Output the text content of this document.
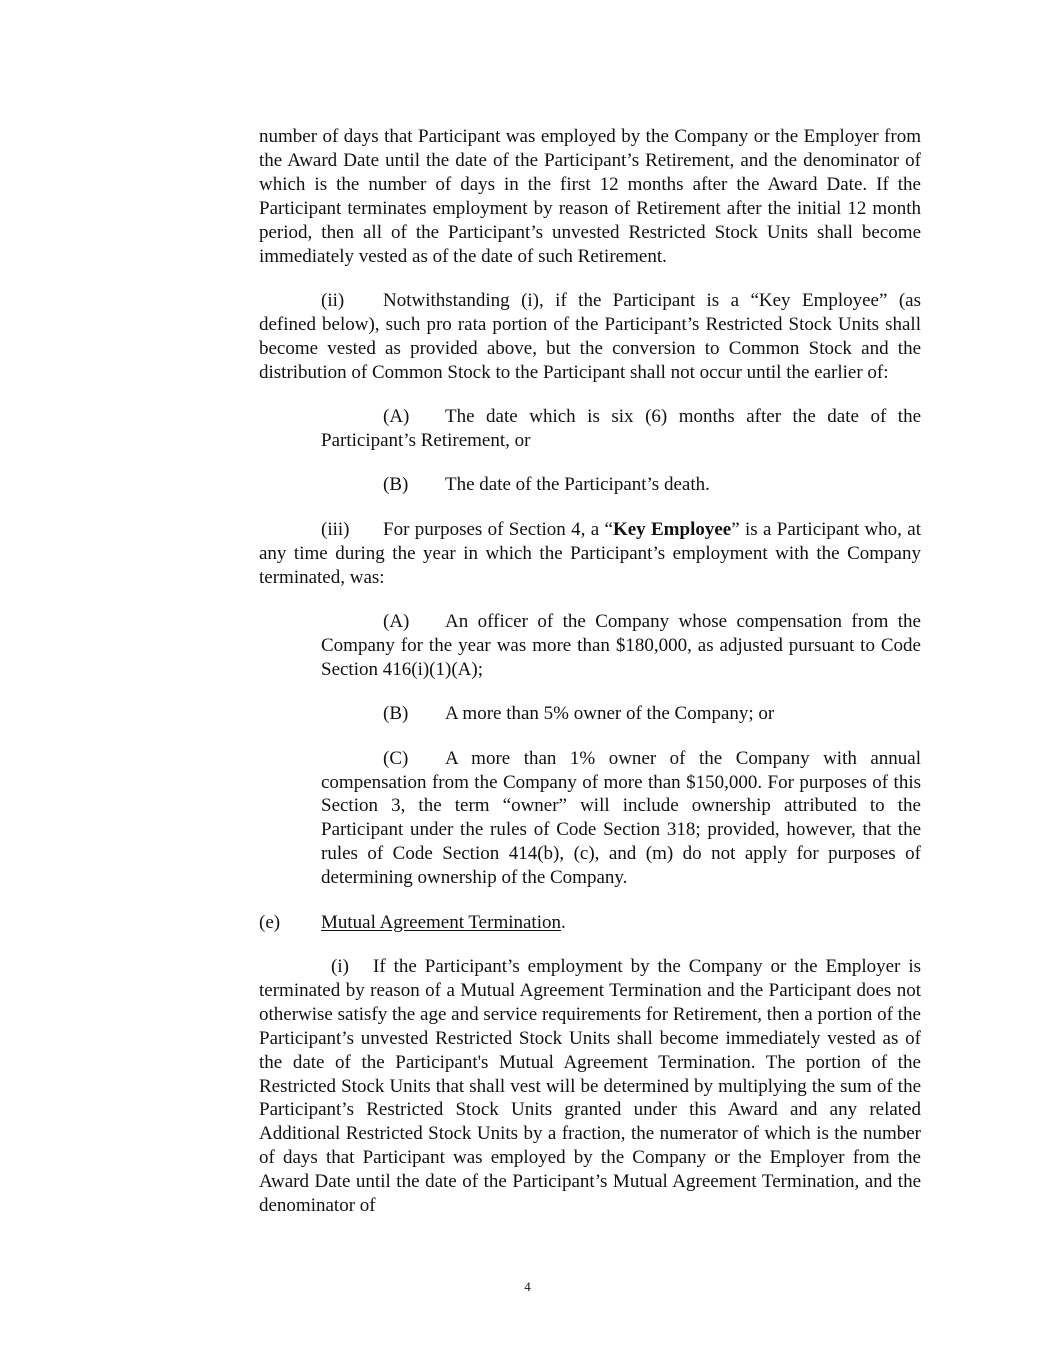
number of days that Participant was employed by the Company or the Employer from the Award Date until the date of the Participant’s Retirement, and the denominator of which is the number of days in the first 12 months after the Award Date. If the Participant terminates employment by reason of Retirement after the initial 12 month period, then all of the Participant’s unvested Restricted Stock Units shall become immediately vested as of the date of such Retirement.

(ii) Notwithstanding (i), if the Participant is a “Key Employee” (as defined below), such pro rata portion of the Participant’s Restricted Stock Units shall become vested as provided above, but the conversion to Common Stock and the distribution of Common Stock to the Participant shall not occur until the earlier of:

(A) The date which is six (6) months after the date of the Participant’s Retirement, or

(B) The date of the Participant’s death.

(iii) For purposes of Section 4, a “Key Employee” is a Participant who, at any time during the year in which the Participant’s employment with the Company terminated, was:

(A) An officer of the Company whose compensation from the Company for the year was more than $180,000, as adjusted pursuant to Code Section 416(i)(1)(A);

(B) A more than 5% owner of the Company; or

(C) A more than 1% owner of the Company with annual compensation from the Company of more than $150,000. For purposes of this Section 3, the term “owner” will include ownership attributed to the Participant under the rules of Code Section 318; provided, however, that the rules of Code Section 414(b), (c), and (m) do not apply for purposes of determining ownership of the Company.

(e) Mutual Agreement Termination.

(i) If the Participant’s employment by the Company or the Employer is terminated by reason of a Mutual Agreement Termination and the Participant does not otherwise satisfy the age and service requirements for Retirement, then a portion of the Participant’s unvested Restricted Stock Units shall become immediately vested as of the date of the Participant's Mutual Agreement Termination. The portion of the Restricted Stock Units that shall vest will be determined by multiplying the sum of the Participant’s Restricted Stock Units granted under this Award and any related Additional Restricted Stock Units by a fraction, the numerator of which is the number of days that Participant was employed by the Company or the Employer from the Award Date until the date of the Participant’s Mutual Agreement Termination, and the denominator of

4
